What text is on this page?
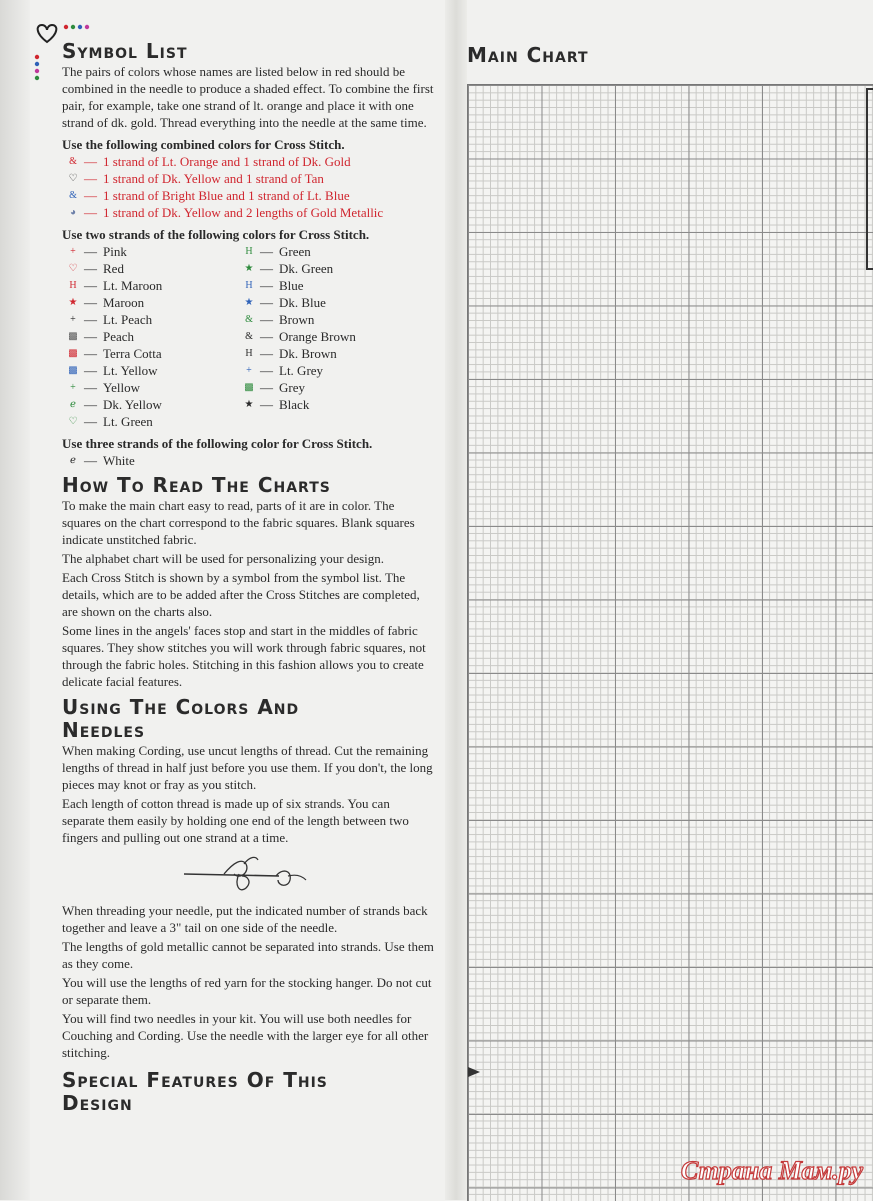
Symbol List

The pairs of colors whose names are listed below in red should be combined in the needle to produce a shaded effect. To combine the first pair, for example, take one strand of lt. orange and place it with one strand of dk. gold. Thread everything into the needle at the same time.

Use the following combined colors for Cross Stitch.
& — 1 strand of Lt. Orange and 1 strand of Dk. Gold
♡ — 1 strand of Dk. Yellow and 1 strand of Tan
& — 1 strand of Bright Blue and 1 strand of Lt. Blue
◕ — 1 strand of Dk. Yellow and 2 lengths of Gold Metallic
Use two strands of the following colors for Cross Stitch.
+ — Pink
♡ — Red
H — Lt. Maroon
★ — Maroon
+ — Lt. Peach
▩ — Peach
▩ — Terra Cotta
▩ — Lt. Yellow
+ — Yellow
ℯ — Dk. Yellow
♡ — Lt. Green
H — Green
★ — Dk. Green
H — Blue
★ — Dk. Blue
& — Brown
& — Orange Brown
H — Dk. Brown
+ — Lt. Grey
▩ — Grey
★ — Black
Use three strands of the following color for Cross Stitch.
ℯ — White
How To Read The Charts

To make the main chart easy to read, parts of it are in color. The squares on the chart correspond to the fabric squares. Blank squares indicate unstitched fabric.

The alphabet chart will be used for personalizing your design.

Each Cross Stitch is shown by a symbol from the symbol list. The details, which are to be added after the Cross Stitches are completed, are shown on the charts also.

Some lines in the angels' faces stop and start in the middles of fabric squares. They show stitches you will work through fabric squares, not through the fabric holes. Stitching in this fashion allows you to create delicate facial features.

Using The Colors And
Needles

When making Cording, use uncut lengths of thread. Cut the remaining lengths of thread in half just before you use them. If you don't, the long pieces may knot or fray as you stitch.

Each length of cotton thread is made up of six strands. You can separate them easily by holding one end of the length between two fingers and pulling out one strand at a time.

When threading your needle, put the indicated number of strands back together and leave a 3" tail on one side of the needle.

The lengths of gold metallic cannot be separated into strands. Use them as they come.

You will use the lengths of red yarn for the stocking hanger. Do not cut or separate them.

You will find two needles in your kit. You will use both needles for Couching and Cording. Use the needle with the larger eye for all other stitching.

Special Features Of This
Design
Main Chart
Страна Мам.ру
